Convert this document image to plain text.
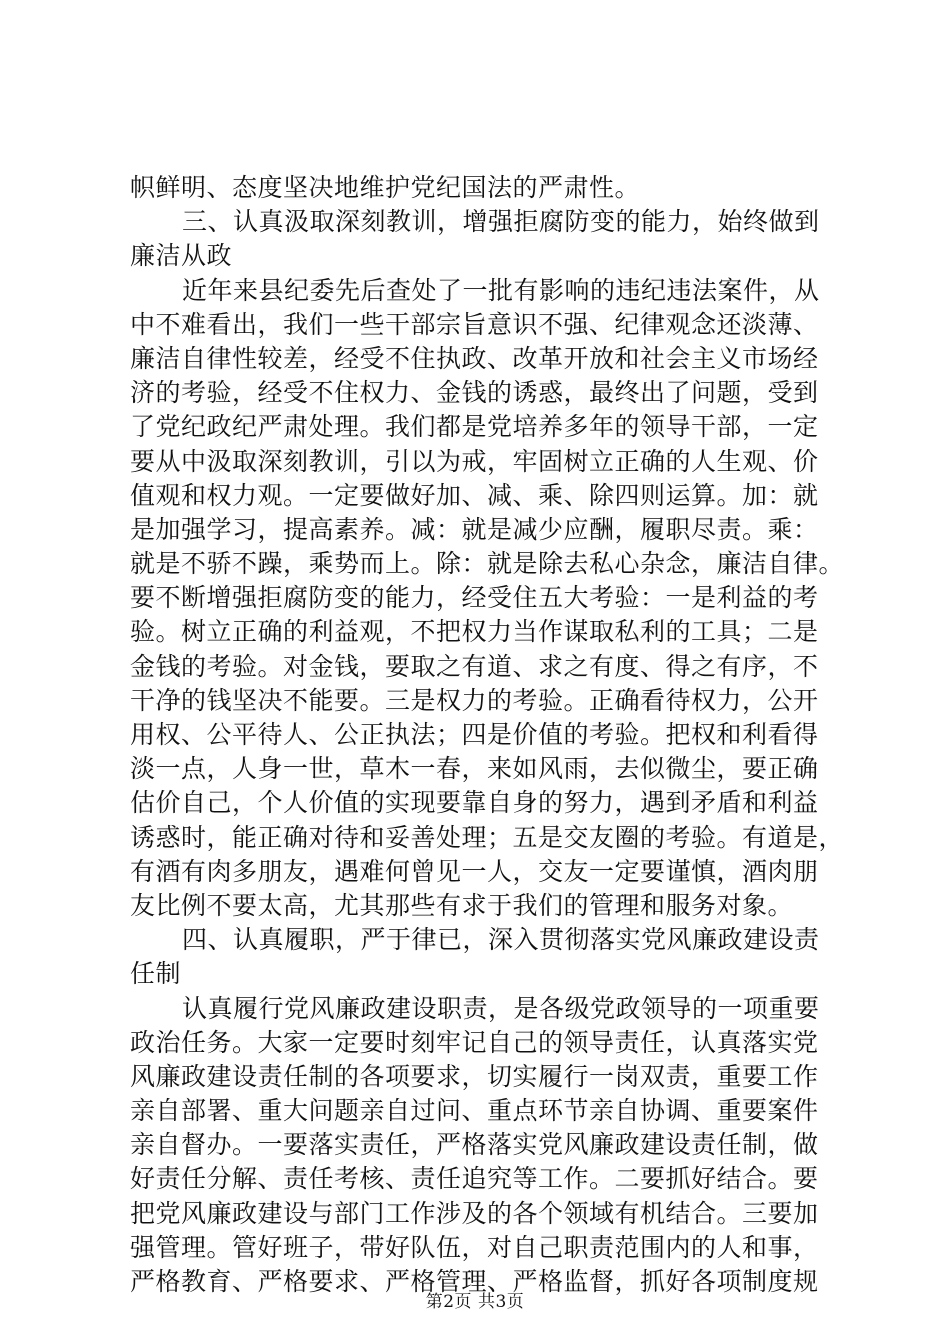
帜鲜明、态度坚决地维护党纪国法的严肃性。
三、认真汲取深刻教训，增强拒腐防变的能力，始终做到
廉洁从政
近年来县纪委先后查处了一批有影响的违纪违法案件，从
中不难看出，我们一些干部宗旨意识不强、纪律观念还淡薄、
廉洁自律性较差，经受不住执政、改革开放和社会主义市场经
济的考验，经受不住权力、金钱的诱惑，最终出了问题，受到
了党纪政纪严肃处理。我们都是党培养多年的领导干部，一定
要从中汲取深刻教训，引以为戒，牢固树立正确的人生观、价
值观和权力观。一定要做好加、减、乘、除四则运算。加：就
是加强学习，提高素养。减：就是减少应酬，履职尽责。乘：
就是不骄不躁，乘势而上。除：就是除去私心杂念，廉洁自律。
要不断增强拒腐防变的能力，经受住五大考验：一是利益的考
验。树立正确的利益观，不把权力当作谋取私利的工具；二是
金钱的考验。对金钱，要取之有道、求之有度、得之有序，不
干净的钱坚决不能要。三是权力的考验。正确看待权力，公开
用权、公平待人、公正执法；四是价值的考验。把权和利看得
淡一点，人身一世，草木一春，来如风雨，去似微尘，要正确
估价自己，个人价值的实现要靠自身的努力，遇到矛盾和利益
诱惑时，能正确对待和妥善处理；五是交友圈的考验。有道是，
有酒有肉多朋友，遇难何曾见一人，交友一定要谨慎，酒肉朋
友比例不要太高，尤其那些有求于我们的管理和服务对象。
四、认真履职，严于律已，深入贯彻落实党风廉政建设责
任制
认真履行党风廉政建设职责，是各级党政领导的一项重要
政治任务。大家一定要时刻牢记自己的领导责任，认真落实党
风廉政建设责任制的各项要求，切实履行一岗双责，重要工作
亲自部署、重大问题亲自过问、重点环节亲自协调、重要案件
亲自督办。一要落实责任，严格落实党风廉政建设责任制，做
好责任分解、责任考核、责任追究等工作。二要抓好结合。要
把党风廉政建设与部门工作涉及的各个领域有机结合。三要加
强管理。管好班子，带好队伍，对自己职责范围内的人和事，
严格教育、严格要求、严格管理、严格监督，抓好各项制度规
第2页 共3页
